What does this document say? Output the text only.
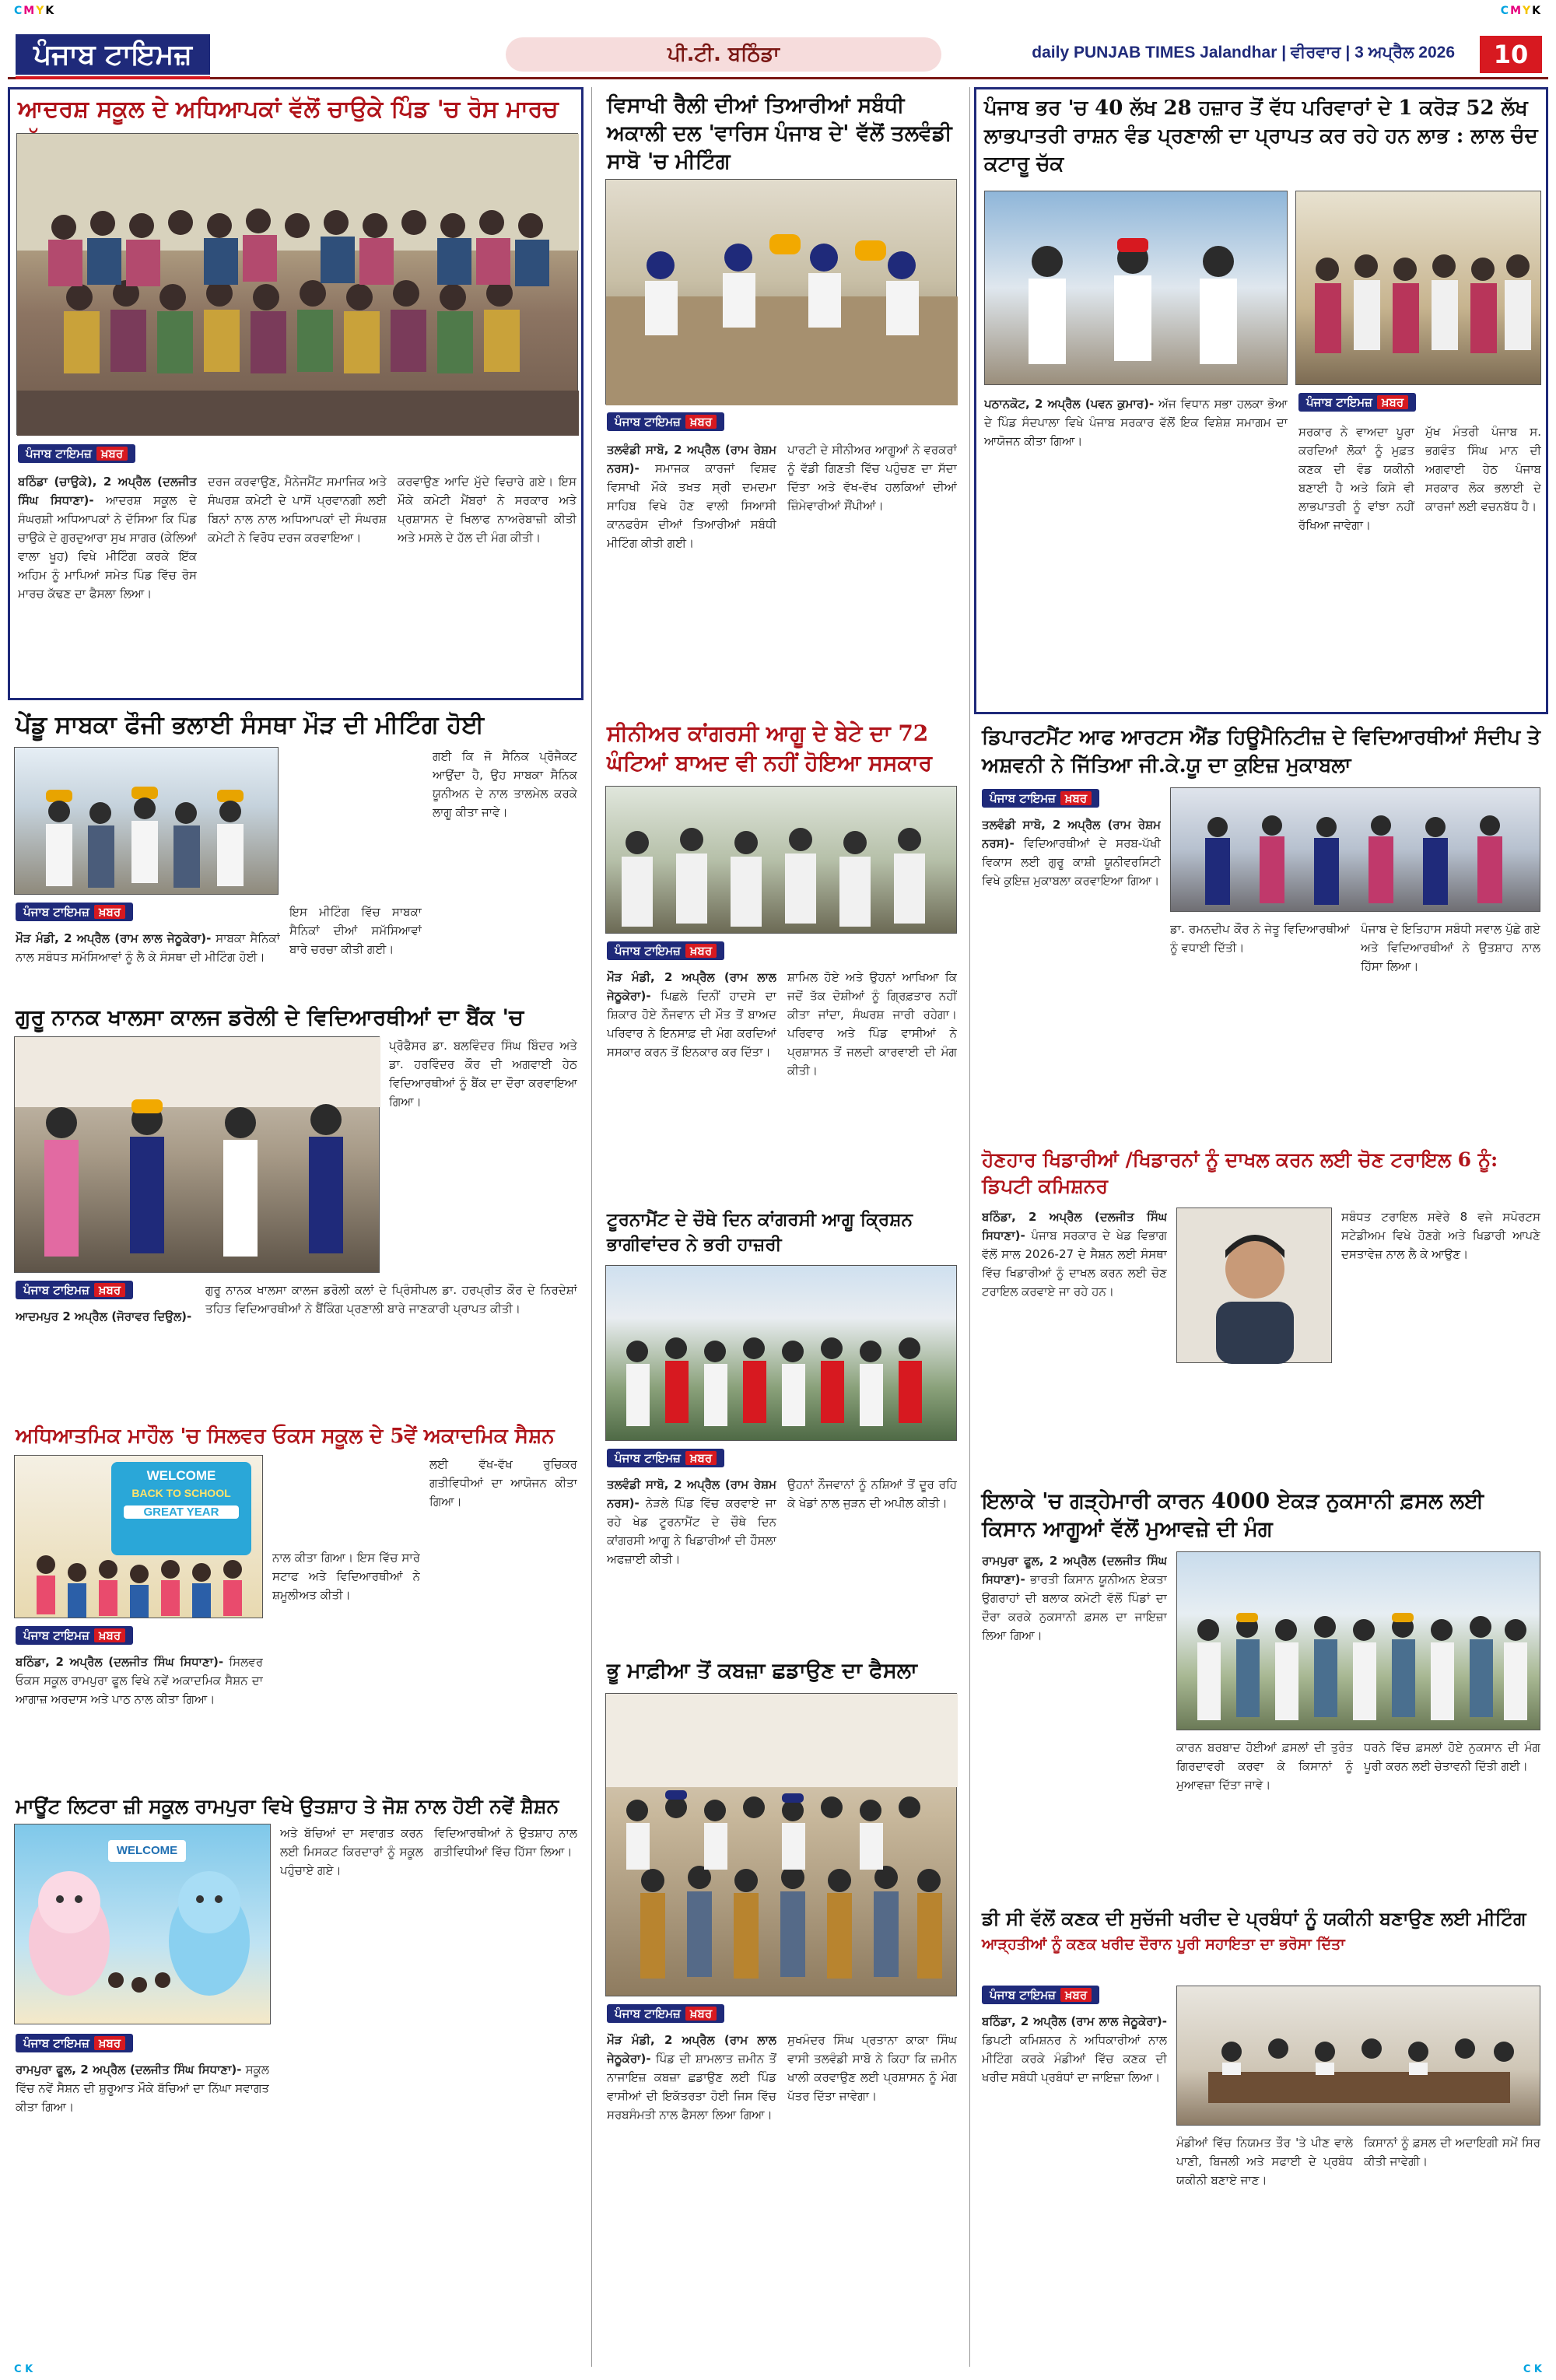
CMYK	CMYK
ਪੰਜਾਬ ਟਾਇਮਜ਼	ਪੀ.ਟੀ. ਬਠਿੰਡਾ	daily PUNJAB TIMES Jalandhar | ਵੀਰਵਾਰ | 3 ਅਪ੍ਰੈਲ 2026	10
ਆਦਰਸ਼ ਸਕੂਲ ਦੇ ਅਧਿਆਪਕਾਂ ਵੱਲੋਂ ਚਾਉਕੇ ਪਿੰਡ 'ਚ ਰੋਸ ਮਾਰਚ
ਪੰਜਾਬ ਟਾਇਮਜ਼ ਖ਼ਬਰ
ਬਠਿੰਡਾ (ਚਾਉਕੇ), 2 ਅਪ੍ਰੈਲ (ਦਲਜੀਤ ਸਿੰਘ ਸਿਧਾਣਾ)- ਆਦਰਸ਼ ਸਕੂਲ ਦੇ ਸੰਘਰਸ਼ੀ ਅਧਿਆਪਕਾਂ ਨੇ ਦੱਸਿਆ ਕਿ ਪਿੰਡ ਚਾਉਕੇ ਦੇ ਗੁਰਦੁਆਰਾ ਸੁਖ ਸਾਗਰ (ਕੇਲਿਆਂ ਵਾਲਾ ਖੂਹ) ਵਿਖੇ ਮੀਟਿੰਗ ਕਰਕੇ ਇੱਕ ਅਹਿਮ ਨੂੰ ਮਾਪਿਆਂ ਸਮੇਤ ਪਿੰਡ ਵਿੱਚ ਰੋਸ ਮਾਰਚ ਕੱਢਣ ਦਾ ਫੈਸਲਾ ਲਿਆ।
ਦਰਜ ਕਰਵਾਉਣ, ਮੈਨੇਜਮੈਂਟ ਸਮਾਜਿਕ ਅਤੇ ਸੰਘਰਸ਼ ਕਮੇਟੀ ਦੇ ਪਾਸੋਂ ਪ੍ਰਵਾਨਗੀ ਲਈ ਬਿਨਾਂ ਨਾਲ ਨਾਲ ਅਧਿਆਪਕਾਂ ਦੀ ਸੰਘਰਸ਼ ਕਮੇਟੀ ਨੇ ਵਿਰੋਧ ਦਰਜ ਕਰਵਾਇਆ।
ਕਰਵਾਉਣ ਆਦਿ ਮੁੱਦੇ ਵਿਚਾਰੇ ਗਏ। ਇਸ ਮੌਕੇ ਕਮੇਟੀ ਮੈਂਬਰਾਂ ਨੇ ਸਰਕਾਰ ਅਤੇ ਪ੍ਰਸ਼ਾਸਨ ਦੇ ਖਿਲਾਫ ਨਾਅਰੇਬਾਜ਼ੀ ਕੀਤੀ ਅਤੇ ਮਸਲੇ ਦੇ ਹੱਲ ਦੀ ਮੰਗ ਕੀਤੀ।
ਵਿਸਾਖੀ ਰੈਲੀ ਦੀਆਂ ਤਿਆਰੀਆਂ ਸਬੰਧੀ ਅਕਾਲੀ ਦਲ 'ਵਾਰਿਸ ਪੰਜਾਬ ਦੇ' ਵੱਲੋਂ ਤਲਵੰਡੀ ਸਾਬੋ 'ਚ ਮੀਟਿੰਗ
ਪੰਜਾਬ ਟਾਇਮਜ਼ ਖ਼ਬਰ
ਤਲਵੰਡੀ ਸਾਬੋ, 2 ਅਪ੍ਰੈਲ (ਰਾਮ ਰੇਸ਼ਮ ਨਰਸ)- ਸਮਾਜਕ ਕਾਰਜਾਂ ਵਿਸ਼ਵ ਵਿਸਾਖੀ ਮੌਕੇ ਤਖਤ ਸ੍ਰੀ ਦਮਦਮਾ ਸਾਹਿਬ ਵਿਖੇ ਹੋਣ ਵਾਲੀ ਸਿਆਸੀ ਕਾਨਫਰੰਸ ਦੀਆਂ ਤਿਆਰੀਆਂ ਸਬੰਧੀ ਮੀਟਿੰਗ ਕੀਤੀ ਗਈ।
ਪਾਰਟੀ ਦੇ ਸੀਨੀਅਰ ਆਗੂਆਂ ਨੇ ਵਰਕਰਾਂ ਨੂੰ ਵੱਡੀ ਗਿਣਤੀ ਵਿੱਚ ਪਹੁੰਚਣ ਦਾ ਸੱਦਾ ਦਿੱਤਾ ਅਤੇ ਵੱਖ-ਵੱਖ ਹਲਕਿਆਂ ਦੀਆਂ ਜ਼ਿੰਮੇਵਾਰੀਆਂ ਸੌਂਪੀਆਂ।
ਪੰਜਾਬ ਭਰ 'ਚ 40 ਲੱਖ 28 ਹਜ਼ਾਰ ਤੋਂ ਵੱਧ ਪਰਿਵਾਰਾਂ ਦੇ 1 ਕਰੋੜ 52 ਲੱਖ ਲਾਭਪਾਤਰੀ ਰਾਸ਼ਨ ਵੰਡ ਪ੍ਰਣਾਲੀ ਦਾ ਪ੍ਰਾਪਤ ਕਰ ਰਹੇ ਹਨ ਲਾਭ : ਲਾਲ ਚੰਦ ਕਟਾਰੂ ਚੱਕ
ਪੰਜਾਬ ਟਾਇਮਜ਼ ਖ਼ਬਰ
ਪਠਾਨਕੋਟ, 2 ਅਪ੍ਰੈਲ (ਪਵਨ ਕੁਮਾਰ)- ਅੱਜ ਵਿਧਾਨ ਸਭਾ ਹਲਕਾ ਭੋਆ ਦੇ ਪਿੰਡ ਸੰਦਪਾਲਾ ਵਿਖੇ ਪੰਜਾਬ ਸਰਕਾਰ ਵੱਲੋਂ ਇਕ ਵਿਸ਼ੇਸ਼ ਸਮਾਗਮ ਦਾ ਆਯੋਜਨ ਕੀਤਾ ਗਿਆ।
ਸਰਕਾਰ ਨੇ ਵਾਅਦਾ ਪੂਰਾ ਕਰਦਿਆਂ ਲੋਕਾਂ ਨੂੰ ਮੁਫ਼ਤ ਕਣਕ ਦੀ ਵੰਡ ਯਕੀਨੀ ਬਣਾਈ ਹੈ ਅਤੇ ਕਿਸੇ ਵੀ ਲਾਭਪਾਤਰੀ ਨੂੰ ਵਾਂਝਾ ਨਹੀਂ ਰੱਖਿਆ ਜਾਵੇਗਾ।
ਮੁੱਖ ਮੰਤਰੀ ਪੰਜਾਬ ਸ. ਭਗਵੰਤ ਸਿੰਘ ਮਾਨ ਦੀ ਅਗਵਾਈ ਹੇਠ ਪੰਜਾਬ ਸਰਕਾਰ ਲੋਕ ਭਲਾਈ ਦੇ ਕਾਰਜਾਂ ਲਈ ਵਚਨਬੱਧ ਹੈ।
ਪੇਂਡੂ ਸਾਬਕਾ ਫੌਜੀ ਭਲਾਈ ਸੰਸਥਾ ਮੌੜ ਦੀ ਮੀਟਿੰਗ ਹੋਈ
ਪੰਜਾਬ ਟਾਇਮਜ਼ ਖ਼ਬਰ
ਮੌੜ ਮੰਡੀ, 2 ਅਪ੍ਰੈਲ (ਰਾਮ ਲਾਲ ਜੇਠੂਕੇਰਾ)- ਸਾਬਕਾ ਸੈਨਿਕਾਂ ਨਾਲ ਸਬੰਧਤ ਸਮੱਸਿਆਵਾਂ ਨੂੰ ਲੈ ਕੇ ਸੰਸਥਾ ਦੀ ਮੀਟਿੰਗ ਹੋਈ।
ਇਸ ਮੀਟਿੰਗ ਵਿੱਚ ਸਾਬਕਾ ਸੈਨਿਕਾਂ ਦੀਆਂ ਸਮੱਸਿਆਵਾਂ ਬਾਰੇ ਚਰਚਾ ਕੀਤੀ ਗਈ।
ਗਈ ਕਿ ਜੋ ਸੈਨਿਕ ਪ੍ਰੋਜੈਕਟ ਆਉਂਦਾ ਹੈ, ਉਹ ਸਾਬਕਾ ਸੈਨਿਕ ਯੂਨੀਅਨ ਦੇ ਨਾਲ ਤਾਲਮੇਲ ਕਰਕੇ ਲਾਗੂ ਕੀਤਾ ਜਾਵੇ।
ਸੀਨੀਅਰ ਕਾਂਗਰਸੀ ਆਗੂ ਦੇ ਬੇਟੇ ਦਾ 72 ਘੰਟਿਆਂ ਬਾਅਦ ਵੀ ਨਹੀਂ ਹੋਇਆ ਸਸਕਾਰ
ਪੰਜਾਬ ਟਾਇਮਜ਼ ਖ਼ਬਰ
ਮੌੜ ਮੰਡੀ, 2 ਅਪ੍ਰੈਲ (ਰਾਮ ਲਾਲ ਜੇਠੂਕੇਰਾ)- ਪਿਛਲੇ ਦਿਨੀਂ ਹਾਦਸੇ ਦਾ ਸ਼ਿਕਾਰ ਹੋਏ ਨੌਜਵਾਨ ਦੀ ਮੌਤ ਤੋਂ ਬਾਅਦ ਪਰਿਵਾਰ ਨੇ ਇਨਸਾਫ਼ ਦੀ ਮੰਗ ਕਰਦਿਆਂ ਸਸਕਾਰ ਕਰਨ ਤੋਂ ਇਨਕਾਰ ਕਰ ਦਿੱਤਾ।
ਸ਼ਾਮਿਲ ਹੋਏ ਅਤੇ ਉਹਨਾਂ ਆਖਿਆ ਕਿ ਜਦੋਂ ਤੱਕ ਦੋਸ਼ੀਆਂ ਨੂੰ ਗ੍ਰਿਫ਼ਤਾਰ ਨਹੀਂ ਕੀਤਾ ਜਾਂਦਾ, ਸੰਘਰਸ਼ ਜਾਰੀ ਰਹੇਗਾ। ਪਰਿਵਾਰ ਅਤੇ ਪਿੰਡ ਵਾਸੀਆਂ ਨੇ ਪ੍ਰਸ਼ਾਸਨ ਤੋਂ ਜਲਦੀ ਕਾਰਵਾਈ ਦੀ ਮੰਗ ਕੀਤੀ।
ਡਿਪਾਰਟਮੈਂਟ ਆਫ ਆਰਟਸ ਐਂਡ ਹਿਊਮੈਨਿਟੀਜ਼ ਦੇ ਵਿਦਿਆਰਥੀਆਂ ਸੰਦੀਪ ਤੇ ਅਸ਼ਵਨੀ ਨੇ ਜਿੱਤਿਆ ਜੀ.ਕੇ.ਯੂ ਦਾ ਕੁਇਜ਼ ਮੁਕਾਬਲਾ
ਪੰਜਾਬ ਟਾਇਮਜ਼ ਖ਼ਬਰ
ਤਲਵੰਡੀ ਸਾਬੋ, 2 ਅਪ੍ਰੈਲ (ਰਾਮ ਰੇਸ਼ਮ ਨਰਸ)- ਵਿਦਿਆਰਥੀਆਂ ਦੇ ਸਰਬ-ਪੱਖੀ ਵਿਕਾਸ ਲਈ ਗੁਰੂ ਕਾਸ਼ੀ ਯੂਨੀਵਰਸਿਟੀ ਵਿਖੇ ਕੁਇਜ਼ ਮੁਕਾਬਲਾ ਕਰਵਾਇਆ ਗਿਆ।
ਡਾ. ਰਮਨਦੀਪ ਕੌਰ ਨੇ ਜੇਤੂ ਵਿਦਿਆਰਥੀਆਂ ਨੂੰ ਵਧਾਈ ਦਿੱਤੀ।
ਪੰਜਾਬ ਦੇ ਇਤਿਹਾਸ ਸਬੰਧੀ ਸਵਾਲ ਪੁੱਛੇ ਗਏ ਅਤੇ ਵਿਦਿਆਰਥੀਆਂ ਨੇ ਉਤਸ਼ਾਹ ਨਾਲ ਹਿੱਸਾ ਲਿਆ।
ਗੁਰੂ ਨਾਨਕ ਖਾਲਸਾ ਕਾਲਜ ਡਰੋਲੀ ਦੇ ਵਿਦਿਆਰਥੀਆਂ ਦਾ ਬੈਂਕ 'ਚ
ਪ੍ਰੋਫੈਸਰ ਡਾ. ਬਲਵਿੰਦਰ ਸਿੰਘ ਬਿੰਦਰ ਅਤੇ ਡਾ. ਹਰਵਿੰਦਰ ਕੌਰ ਦੀ ਅਗਵਾਈ ਹੇਠ ਵਿਦਿਆਰਥੀਆਂ ਨੂੰ ਬੈਂਕ ਦਾ ਦੌਰਾ ਕਰਵਾਇਆ ਗਿਆ।
ਪੰਜਾਬ ਟਾਇਮਜ਼ ਖ਼ਬਰ
ਆਦਮਪੁਰ 2 ਅਪ੍ਰੈਲ (ਜੋਰਾਵਰ ਦਿਉਲ)-
ਗੁਰੂ ਨਾਨਕ ਖਾਲਸਾ ਕਾਲਜ ਡਰੋਲੀ ਕਲਾਂ ਦੇ ਪ੍ਰਿੰਸੀਪਲ ਡਾ. ਹਰਪ੍ਰੀਤ ਕੌਰ ਦੇ ਨਿਰਦੇਸ਼ਾਂ ਤਹਿਤ ਵਿਦਿਆਰਥੀਆਂ ਨੇ ਬੈਂਕਿੰਗ ਪ੍ਰਣਾਲੀ ਬਾਰੇ ਜਾਣਕਾਰੀ ਪ੍ਰਾਪਤ ਕੀਤੀ।
ਟੂਰਨਾਮੈਂਟ ਦੇ ਚੌਥੇ ਦਿਨ ਕਾਂਗਰਸੀ ਆਗੂ ਕ੍ਰਿਸ਼ਨ ਭਾਗੀਵਾਂਦਰ ਨੇ ਭਰੀ ਹਾਜ਼ਰੀ
ਪੰਜਾਬ ਟਾਇਮਜ਼ ਖ਼ਬਰ
ਤਲਵੰਡੀ ਸਾਬੋ, 2 ਅਪ੍ਰੈਲ (ਰਾਮ ਰੇਸ਼ਮ ਨਰਸ)- ਨੇੜਲੇ ਪਿੰਡ ਵਿੱਚ ਕਰਵਾਏ ਜਾ ਰਹੇ ਖੇਡ ਟੂਰਨਾਮੈਂਟ ਦੇ ਚੌਥੇ ਦਿਨ ਕਾਂਗਰਸੀ ਆਗੂ ਨੇ ਖਿਡਾਰੀਆਂ ਦੀ ਹੌਸਲਾ ਅਫਜ਼ਾਈ ਕੀਤੀ।
ਉਹਨਾਂ ਨੌਜਵਾਨਾਂ ਨੂੰ ਨਸ਼ਿਆਂ ਤੋਂ ਦੂਰ ਰਹਿ ਕੇ ਖੇਡਾਂ ਨਾਲ ਜੁੜਨ ਦੀ ਅਪੀਲ ਕੀਤੀ।
ਹੋਣਹਾਰ ਖਿਡਾਰੀਆਂ /ਖਿਡਾਰਨਾਂ ਨੂੰ ਦਾਖਲ ਕਰਨ ਲਈ ਚੋਣ ਟਰਾਇਲ 6 ਨੂੰ: ਡਿਪਟੀ ਕਮਿਸ਼ਨਰ
ਬਠਿੰਡਾ, 2 ਅਪ੍ਰੈਲ (ਦਲਜੀਤ ਸਿੰਘ ਸਿਧਾਣਾ)- ਪੰਜਾਬ ਸਰਕਾਰ ਦੇ ਖੇਡ ਵਿਭਾਗ ਵੱਲੋਂ ਸਾਲ 2026-27 ਦੇ ਸੈਸ਼ਨ ਲਈ ਸੰਸਥਾ ਵਿੱਚ ਖਿਡਾਰੀਆਂ ਨੂੰ ਦਾਖਲ ਕਰਨ ਲਈ ਚੋਣ ਟਰਾਇਲ ਕਰਵਾਏ ਜਾ ਰਹੇ ਹਨ।
ਸਬੰਧਤ ਟਰਾਇਲ ਸਵੇਰੇ 8 ਵਜੇ ਸਪੋਰਟਸ ਸਟੇਡੀਅਮ ਵਿਖੇ ਹੋਣਗੇ ਅਤੇ ਖਿਡਾਰੀ ਆਪਣੇ ਦਸਤਾਵੇਜ਼ ਨਾਲ ਲੈ ਕੇ ਆਉਣ।
ਅਧਿਆਤਮਿਕ ਮਾਹੌਲ 'ਚ ਸਿਲਵਰ ਓਕਸ ਸਕੂਲ ਦੇ 5ਵੇਂ ਅਕਾਦਮਿਕ ਸੈਸ਼ਨ
WELCOME
BACK TO SCHOOL
GREAT YEAR
ਪੰਜਾਬ ਟਾਇਮਜ਼ ਖ਼ਬਰ
ਬਠਿੰਡਾ, 2 ਅਪ੍ਰੈਲ (ਦਲਜੀਤ ਸਿੰਘ ਸਿਧਾਣਾ)- ਸਿਲਵਰ ਓਕਸ ਸਕੂਲ ਰਾਮਪੁਰਾ ਫੂਲ ਵਿਖੇ ਨਵੇਂ ਅਕਾਦਮਿਕ ਸੈਸ਼ਨ ਦਾ ਆਗਾਜ਼ ਅਰਦਾਸ ਅਤੇ ਪਾਠ ਨਾਲ ਕੀਤਾ ਗਿਆ।
ਨਾਲ ਕੀਤਾ ਗਿਆ। ਇਸ ਵਿੱਚ ਸਾਰੇ ਸਟਾਫ ਅਤੇ ਵਿਦਿਆਰਥੀਆਂ ਨੇ ਸ਼ਮੂਲੀਅਤ ਕੀਤੀ।
ਲਈ ਵੱਖ-ਵੱਖ ਰੁਚਿਕਰ ਗਤੀਵਿਧੀਆਂ ਦਾ ਆਯੋਜਨ ਕੀਤਾ ਗਿਆ।	ਇਲਾਕੇ 'ਚ ਗੜ੍ਹੇਮਾਰੀ ਕਾਰਨ 4000 ਏਕੜ ਨੁਕਸਾਨੀ ਫ਼ਸਲ ਲਈ ਕਿਸਾਨ ਆਗੂਆਂ ਵੱਲੋਂ ਮੁਆਵਜ਼ੇ ਦੀ ਮੰਗ
ਰਾਮਪੁਰਾ ਫੂਲ, 2 ਅਪ੍ਰੈਲ (ਦਲਜੀਤ ਸਿੰਘ ਸਿਧਾਣਾ)- ਭਾਰਤੀ ਕਿਸਾਨ ਯੂਨੀਅਨ ਏਕਤਾ ਉਗਰਾਹਾਂ ਦੀ ਬਲਾਕ ਕਮੇਟੀ ਵੱਲੋਂ ਪਿੰਡਾਂ ਦਾ ਦੌਰਾ ਕਰਕੇ ਨੁਕਸਾਨੀ ਫ਼ਸਲ ਦਾ ਜਾਇਜ਼ਾ ਲਿਆ ਗਿਆ।
ਕਾਰਨ ਬਰਬਾਦ ਹੋਈਆਂ ਫ਼ਸਲਾਂ ਦੀ ਤੁਰੰਤ ਗਿਰਦਾਵਰੀ ਕਰਵਾ ਕੇ ਕਿਸਾਨਾਂ ਨੂੰ ਮੁਆਵਜ਼ਾ ਦਿੱਤਾ ਜਾਵੇ।
ਧਰਨੇ ਵਿੱਚ ਫ਼ਸਲਾਂ ਹੋਏ ਨੁਕਸਾਨ ਦੀ ਮੰਗ ਪੂਰੀ ਕਰਨ ਲਈ ਚੇਤਾਵਨੀ ਦਿੱਤੀ ਗਈ।
ਭੂ ਮਾਫ਼ੀਆ ਤੋਂ ਕਬਜ਼ਾ ਛਡਾਉਣ ਦਾ ਫੈਸਲਾ
ਪੰਜਾਬ ਟਾਇਮਜ਼ ਖ਼ਬਰ
ਮੌੜ ਮੰਡੀ, 2 ਅਪ੍ਰੈਲ (ਰਾਮ ਲਾਲ ਜੇਠੂਕੇਰਾ)- ਪਿੰਡ ਦੀ ਸ਼ਾਮਲਾਤ ਜ਼ਮੀਨ ਤੋਂ ਨਾਜਾਇਜ਼ ਕਬਜ਼ਾ ਛਡਾਉਣ ਲਈ ਪਿੰਡ ਵਾਸੀਆਂ ਦੀ ਇਕੱਤਰਤਾ ਹੋਈ ਜਿਸ ਵਿੱਚ ਸਰਬਸੰਮਤੀ ਨਾਲ ਫੈਸਲਾ ਲਿਆ ਗਿਆ।
ਸੁਖਮੰਦਰ ਸਿੰਘ ਪ੍ਰਤਾਨਾ ਕਾਕਾ ਸਿੰਘ ਵਾਸੀ ਤਲਵੰਡੀ ਸਾਬੋ ਨੇ ਕਿਹਾ ਕਿ ਜ਼ਮੀਨ ਖਾਲੀ ਕਰਵਾਉਣ ਲਈ ਪ੍ਰਸ਼ਾਸਨ ਨੂੰ ਮੰਗ ਪੱਤਰ ਦਿੱਤਾ ਜਾਵੇਗਾ।
ਮਾਊਂਟ ਲਿਟਰਾ ਜ਼ੀ ਸਕੂਲ ਰਾਮਪੁਰਾ ਵਿਖੇ ਉਤਸ਼ਾਹ ਤੇ ਜੋਸ਼ ਨਾਲ ਹੋਈ ਨਵੇਂ ਸ਼ੈਸ਼ਨ
WELCOME
ਪੰਜਾਬ ਟਾਇਮਜ਼ ਖ਼ਬਰ
ਰਾਮਪੁਰਾ ਫੂਲ, 2 ਅਪ੍ਰੈਲ (ਦਲਜੀਤ ਸਿੰਘ ਸਿਧਾਣਾ)- ਸਕੂਲ ਵਿੱਚ ਨਵੇਂ ਸੈਸ਼ਨ ਦੀ ਸ਼ੁਰੂਆਤ ਮੌਕੇ ਬੱਚਿਆਂ ਦਾ ਨਿੱਘਾ ਸਵਾਗਤ ਕੀਤਾ ਗਿਆ।
ਅਤੇ ਬੱਚਿਆਂ ਦਾ ਸਵਾਗਤ ਕਰਨ ਲਈ ਮਿਸਕਟ ਕਿਰਦਾਰਾਂ ਨੂੰ ਸਕੂਲ ਪਹੁੰਚਾਏ ਗਏ।
ਵਿਦਿਆਰਥੀਆਂ ਨੇ ਉਤਸ਼ਾਹ ਨਾਲ ਗਤੀਵਿਧੀਆਂ ਵਿੱਚ ਹਿੱਸਾ ਲਿਆ।
ਡੀ ਸੀ ਵੱਲੋਂ ਕਣਕ ਦੀ ਸੁਚੱਜੀ ਖਰੀਦ ਦੇ ਪ੍ਰਬੰਧਾਂ ਨੂੰ ਯਕੀਨੀ ਬਣਾਉਣ ਲਈ ਮੀਟਿੰਗ
ਆੜ੍ਹਤੀਆਂ ਨੂੰ ਕਣਕ ਖਰੀਦ ਦੌਰਾਨ ਪੂਰੀ ਸਹਾਇਤਾ ਦਾ ਭਰੋਸਾ ਦਿੱਤਾ
ਪੰਜਾਬ ਟਾਇਮਜ਼ ਖ਼ਬਰ
ਬਠਿੰਡਾ, 2 ਅਪ੍ਰੈਲ (ਰਾਮ ਲਾਲ ਜੇਠੂਕੇਰਾ)- ਡਿਪਟੀ ਕਮਿਸ਼ਨਰ ਨੇ ਅਧਿਕਾਰੀਆਂ ਨਾਲ ਮੀਟਿੰਗ ਕਰਕੇ ਮੰਡੀਆਂ ਵਿੱਚ ਕਣਕ ਦੀ ਖਰੀਦ ਸਬੰਧੀ ਪ੍ਰਬੰਧਾਂ ਦਾ ਜਾਇਜ਼ਾ ਲਿਆ।
ਮੰਡੀਆਂ ਵਿੱਚ ਨਿਯਮਤ ਤੌਰ 'ਤੇ ਪੀਣ ਵਾਲੇ ਪਾਣੀ, ਬਿਜਲੀ ਅਤੇ ਸਫਾਈ ਦੇ ਪ੍ਰਬੰਧ ਯਕੀਨੀ ਬਣਾਏ ਜਾਣ।
ਕਿਸਾਨਾਂ ਨੂੰ ਫ਼ਸਲ ਦੀ ਅਦਾਇਗੀ ਸਮੇਂ ਸਿਰ ਕੀਤੀ ਜਾਵੇਗੀ।
C K	C K
